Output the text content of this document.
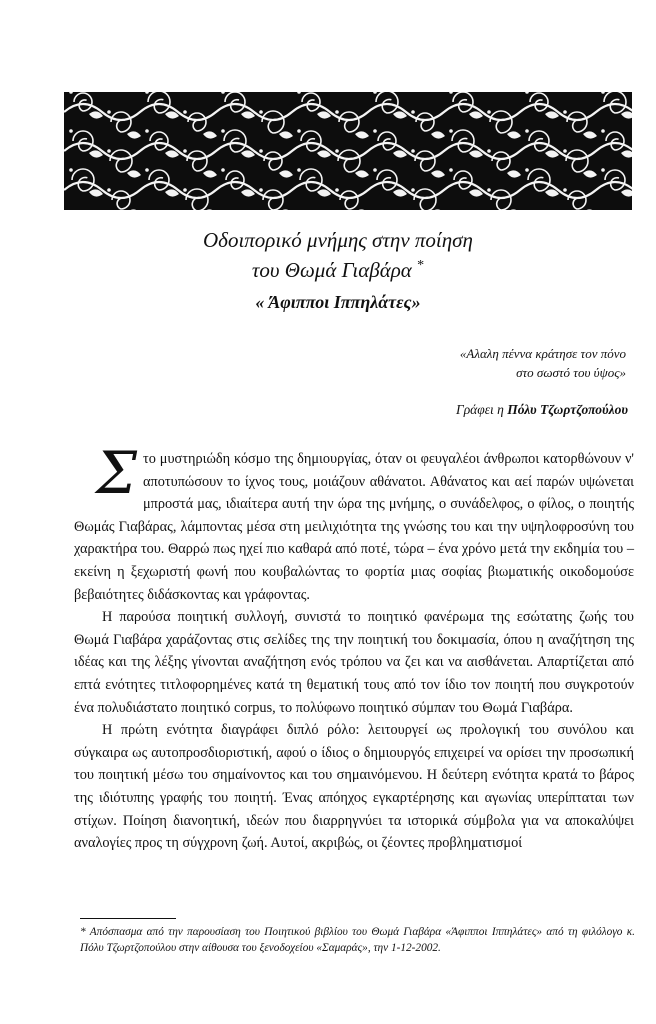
Οδοιπορικό μνήμης στην ποίηση
του Θωμά Γιαβάρα *
« Άφιπποι Ιππηλάτες»
«Αλαλη πέννα κράτησε τον πόνο
στο σωστό του ύψος»
Γράφει η Πόλυ Τζωρτζοπούλου

Στο μυστηριώδη κόσμο της δημιουργίας, όταν οι φευγαλέοι άνθρωποι κατορθώνουν ν' αποτυπώσουν το ίχνος τους, μοιάζουν αθάνατοι. Αθάνατος και αεί παρών υψώνεται μπροστά μας, ιδιαίτερα αυτή την ώρα της μνήμης, ο συνάδελφος, ο φίλος, ο ποιητής Θωμάς Γιαβάρας, λάμποντας μέσα στη μειλιχιότητα της γνώσης του και την υψηλοφροσύνη του χαρακτήρα του. Θαρρώ πως ηχεί πιο καθαρά από ποτέ, τώρα – ένα χρόνο μετά την εκδημία του – εκείνη η ξεχωριστή φωνή που κουβαλώντας το φορτία μιας σοφίας βιωματικής οικοδομούσε βεβαιότητες διδάσκοντας και γράφοντας.

Η παρούσα ποιητική συλλογή, συνιστά το ποιητικό φανέρωμα της εσώτατης ζωής του Θωμά Γιαβάρα χαράζοντας στις σελίδες της την ποιητική του δοκιμασία, όπου η αναζήτηση της ιδέας και της λέξης γίνονται αναζήτηση ενός τρόπου να ζει και να αισθάνεται. Απαρτίζεται από επτά ενότητες τιτλοφορημένες κατά τη θεματική τους από τον ίδιο τον ποιητή που συγκροτούν ένα πολυδιάστατο ποιητικό corpus, το πολύφωνο ποιητικό σύμπαν του Θωμά Γιαβάρα.

Η πρώτη ενότητα διαγράφει διπλό ρόλο: λειτουργεί ως προλογική του συνόλου και σύγκαιρα ως αυτοπροσδιοριστική, αφού ο ίδιος ο δημιουργός επιχειρεί να ορίσει την προσωπική του ποιητική μέσω του σημαίνοντος και του σημαινόμενου. Η δεύτερη ενότητα κρατά το βάρος της ιδιότυπης γραφής του ποιητή. Ένας απόηχος εγκαρτέρησης και αγωνίας υπερίπταται των στίχων. Ποίηση διανοητική, ιδεών που διαρρηγνύει τα ιστορικά σύμβολα για να αποκαλύψει αναλογίες προς τη σύγχρονη ζωή. Αυτοί, ακριβώς, οι ζέοντες προβληματισμοί

* Απόσπασμα από την παρουσίαση του Ποιητικού βιβλίου του Θωμά Γιαβάρα «Άφιπποι Ιππηλάτες» από τη φιλόλογο κ. Πόλυ Τζωρτζοπούλου στην αίθουσα του ξενοδοχείου «Σαμαράς», την 1-12-2002.
